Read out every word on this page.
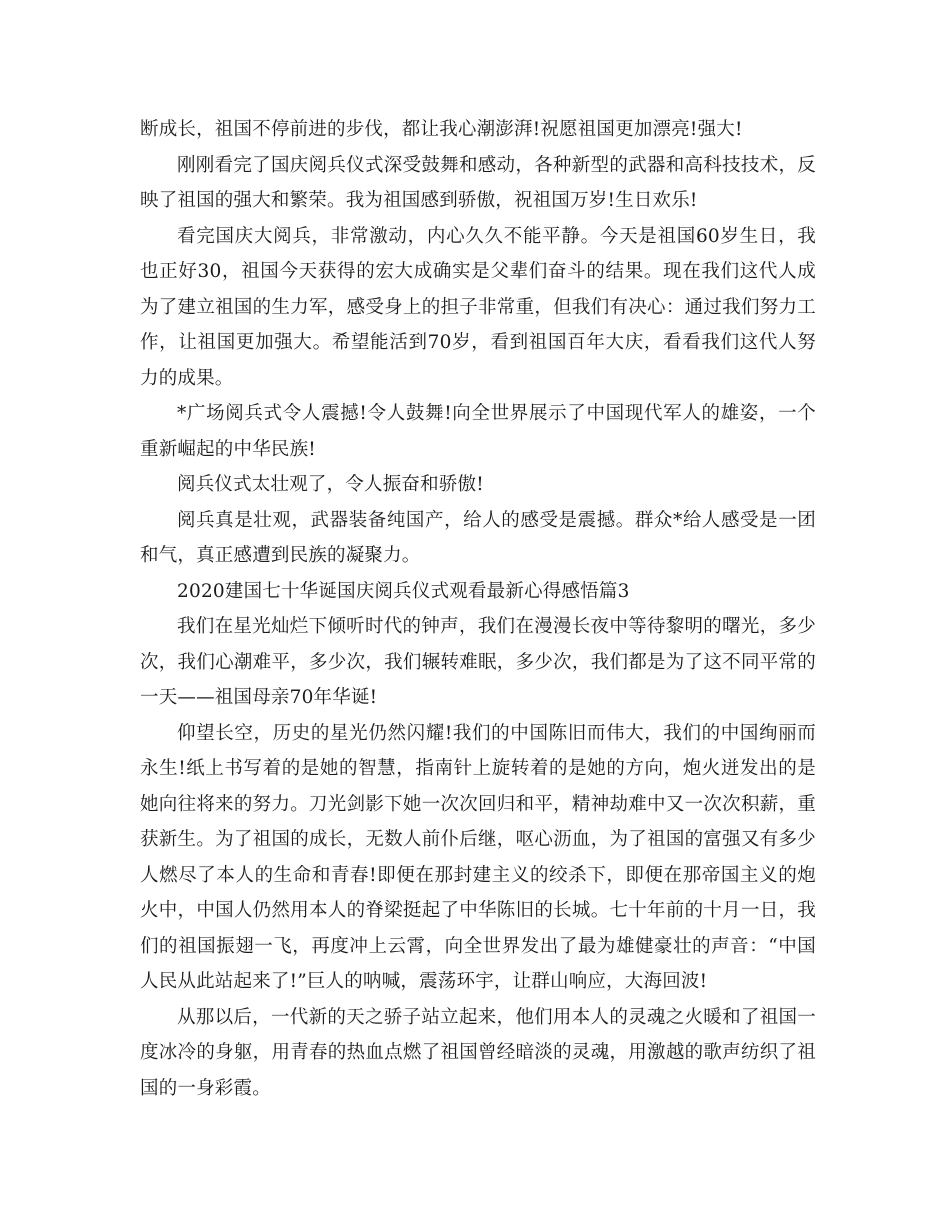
断成长，祖国不停前进的步伐，都让我心潮澎湃!祝愿祖国更加漂亮!强大!

刚刚看完了国庆阅兵仪式深受鼓舞和感动，各种新型的武器和高科技技术，反映了祖国的强大和繁荣。我为祖国感到骄傲，祝祖国万岁!生日欢乐!

看完国庆大阅兵，非常激动，内心久久不能平静。今天是祖国60岁生日，我也正好30，祖国今天获得的宏大成确实是父辈们奋斗的结果。现在我们这代人成为了建立祖国的生力军，感受身上的担子非常重，但我们有决心：通过我们努力工作，让祖国更加强大。希望能活到70岁，看到祖国百年大庆，看看我们这代人努力的成果。

*广场阅兵式令人震撼!令人鼓舞!向全世界展示了中国现代军人的雄姿，一个重新崛起的中华民族!

阅兵仪式太壮观了，令人振奋和骄傲!

阅兵真是壮观，武器装备纯国产，给人的感受是震撼。群众*给人感受是一团和气，真正感遭到民族的凝聚力。

2020建国七十华诞国庆阅兵仪式观看最新心得感悟篇3

我们在星光灿烂下倾听时代的钟声，我们在漫漫长夜中等待黎明的曙光，多少次，我们心潮难平，多少次，我们辗转难眠，多少次，我们都是为了这不同平常的一天——祖国母亲70年华诞!

仰望长空，历史的星光仍然闪耀!我们的中国陈旧而伟大，我们的中国绚丽而永生!纸上书写着的是她的智慧，指南针上旋转着的是她的方向，炮火迸发出的是她向往将来的努力。刀光剑影下她一次次回归和平，精神劫难中又一次次积薪，重获新生。为了祖国的成长，无数人前仆后继，呕心沥血，为了祖国的富强又有多少人燃尽了本人的生命和青春!即便在那封建主义的绞杀下，即便在那帝国主义的炮火中，中国人仍然用本人的脊梁挺起了中华陈旧的长城。七十年前的十月一日，我们的祖国振翅一飞，再度冲上云霄，向全世界发出了最为雄健豪壮的声音：“中国人民从此站起来了!”巨人的呐喊，震荡环宇，让群山响应，大海回波!

从那以后，一代新的天之骄子站立起来，他们用本人的灵魂之火暖和了祖国一度冰冷的身躯，用青春的热血点燃了祖国曾经暗淡的灵魂，用激越的歌声纺织了祖国的一身彩霞。
